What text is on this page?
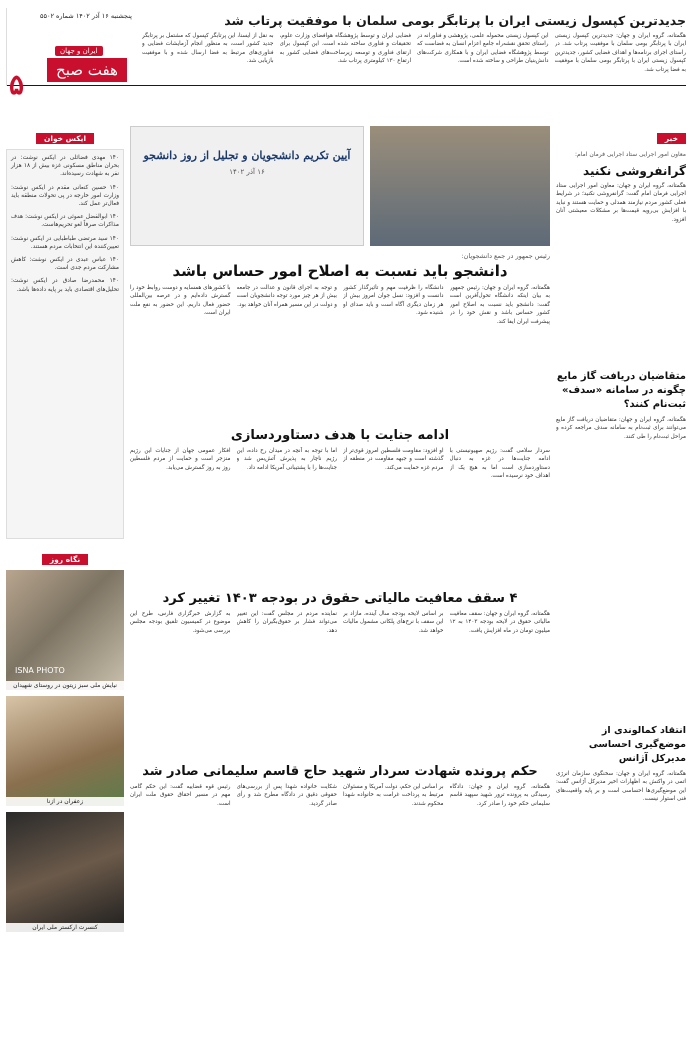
پنجشنبه ۱۶ آذر ۱۴۰۲ شماره ۵۵۰۲
۵
ایران و جهان
هفت صبح
جدیدترین کپسول زیستی ایران با پرتابگر بومی سلمان با موفقیت پرتاب شد
هگمتانه، گروه ایران و جهان: جدیدترین کپسول زیستی ایران با پرتابگر بومی سلمان با موفقیت پرتاب شد. در راستای اجرای برنامه‌ها و اهداف فضایی کشور، جدیدترین کپسول زیستی ایران با پرتابگر بومی سلمان با موفقیت به فضا پرتاب شد.
این کپسول زیستی محموله علمی، پژوهشی و فناورانه در راستای تحقق نقشه‌راه جامع اعزام انسان به فضاست که توسط پژوهشگاه فضایی ایران و با همکاری شرکت‌های دانش‌بنیان طراحی و ساخته شده است.
فضایی ایران و توسط پژوهشگاه هوافضای وزارت علوم، تحقیقات و فناوری ساخته شده است. این کپسول برای ارتقای فناوری و توسعه زیرساخت‌های فضایی کشور به ارتفاع ۱۳۰ کیلومتری پرتاب شد.
به نقل از ایسنا، این پرتابگر کپسول که مشتمل بر پرتابگر جدید کشور است، به منظور انجام آزمایشات فضایی و فناوری‌های مرتبط به فضا ارسال شده و با موفقیت بازیابی شد.
خبر
معاون امور اجرایی ستاد اجرایی فرمان امام:
گرانفروشی نکنید
هگمتانه، گروه ایران و جهان: معاون امور اجرایی ستاد اجرایی فرمان امام گفت: گرانفروشی نکنید؛ در شرایط فعلی کشور مردم نیازمند همدلی و حمایت هستند و نباید با افزایش بی‌رویه قیمت‌ها بر مشکلات معیشتی آنان افزود.
متقاضیان دریافت گاز مایع چگونه در سامانه «سدف» ثبت‌نام کنند؟
هگمتانه، گروه ایران و جهان: متقاضیان دریافت گاز مایع می‌توانند برای ثبت‌نام به سامانه سدف مراجعه کرده و مراحل ثبت‌نام را طی کنند.
انتقاد کمالوندی از موضع‌گیری احساسی مدیرکل آژانس
هگمتانه، گروه ایران و جهان: سخنگوی سازمان انرژی اتمی در واکنش به اظهارات اخیر مدیرکل آژانس گفت: این موضع‌گیری‌ها احساسی است و بر پایه واقعیت‌های فنی استوار نیست.
ایکس خوان
۱۴۰ مهدی فضائلی در ایکس نوشت: در بحران مناطق مسکونی غزه بیش از ۱۸ هزار نفر به شهادت رسیده‌اند.
۱۴۰ حسین کنعانی مقدم در ایکس نوشت: وزارت امور خارجه در پی تحولات منطقه باید فعال‌تر عمل کند.
۱۴۰ ابوالفضل عموئی در ایکس نوشت: هدف مذاکرات صرفاً لغو تحریم‌هاست.
۱۴۰ سید مرتضی طباطبایی در ایکس نوشت: تعیین‌کننده این انتخابات مردم هستند.
۱۴۰ عباس عبدی در ایکس نوشت: کاهش مشارکت مردم جدی است.
۱۴۰ محمدرضا صادق در ایکس نوشت: تحلیل‌های اقتصادی باید بر پایه داده‌ها باشد.
نگاه روز
ISNA PHOTO
نیایش ملی سبز زیتون در روستای شهیدان
زعفران در ازنا
کنسرت ارکستر ملی ایران
آیین تکریم دانشجویان و تجلیل از روز دانشجو
۱۶ آذر ۱۴۰۲
رئیس جمهور در جمع دانشجویان:
دانشجو باید نسبت به اصلاح امور حساس باشد
هگمتانه، گروه ایران و جهان: رئیس جمهور به بیان اینکه دانشگاه تحول‌آفرین است گفت: دانشجو باید نسبت به اصلاح امور کشور حساس باشد و نقش خود را در پیشرفت ایران ایفا کند.
دانشگاه را ظرفیت مهم و تأثیرگذار کشور دانست و افزود: نسل جوان امروز بیش از هر زمان دیگری آگاه است و باید صدای او شنیده شود.
و توجه به اجرای قانون و عدالت در جامعه بیش از هر چیز مورد توجه دانشجویان است و دولت در این مسیر همراه آنان خواهد بود.
با کشورهای همسایه و دوست روابط خود را گسترش داده‌ایم و در عرصه بین‌المللی حضور فعال داریم. این حضور به نفع ملت ایران است.
ادامه جنایت با هدف دستاوردسازی
سردار سلامی گفت: رژیم صهیونیستی با ادامه جنایت‌ها در غزه به دنبال دستاوردسازی است اما به هیچ یک از اهداف خود نرسیده است.
او افزود: مقاومت فلسطین امروز قوی‌تر از گذشته است و جبهه مقاومت در منطقه از مردم غزه حمایت می‌کند.
اما با توجه به آنچه در میدان رخ داده، این رژیم ناچار به پذیرش آتش‌بس شد و جنایت‌ها را با پشتیبانی آمریکا ادامه داد.
افکار عمومی جهان از جنایات این رژیم منزجر است و حمایت از مردم فلسطین روز به روز گسترش می‌یابد.
۴ سقف معافیت مالیاتی حقوق در بودجه ۱۴۰۳ تغییر کرد
هگمتانه، گروه ایران و جهان: سقف معافیت مالیاتی حقوق در لایحه بودجه ۱۴۰۳ به ۱۲ میلیون تومان در ماه افزایش یافت.
بر اساس لایحه بودجه سال آینده، مازاد بر این سقف با نرخ‌های پلکانی مشمول مالیات خواهد شد.
نماینده مردم در مجلس گفت: این تغییر می‌تواند فشار بر حقوق‌بگیران را کاهش دهد.
به گزارش خبرگزاری فارس، طرح این موضوع در کمیسیون تلفیق بودجه مجلس بررسی می‌شود.
حکم پرونده شهادت سردار شهید حاج قاسم سلیمانی صادر شد
هگمتانه، گروه ایران و جهان: دادگاه رسیدگی به پرونده ترور شهید سپهبد قاسم سلیمانی حکم خود را صادر کرد.
بر اساس این حکم، دولت آمریکا و مسئولان مرتبط به پرداخت غرامت به خانواده شهدا محکوم شدند.
شکایت خانواده شهدا پس از بررسی‌های حقوقی دقیق در دادگاه مطرح شد و رأی صادر گردید.
رئیس قوه قضاییه گفت: این حکم گامی مهم در مسیر احقاق حقوق ملت ایران است.
